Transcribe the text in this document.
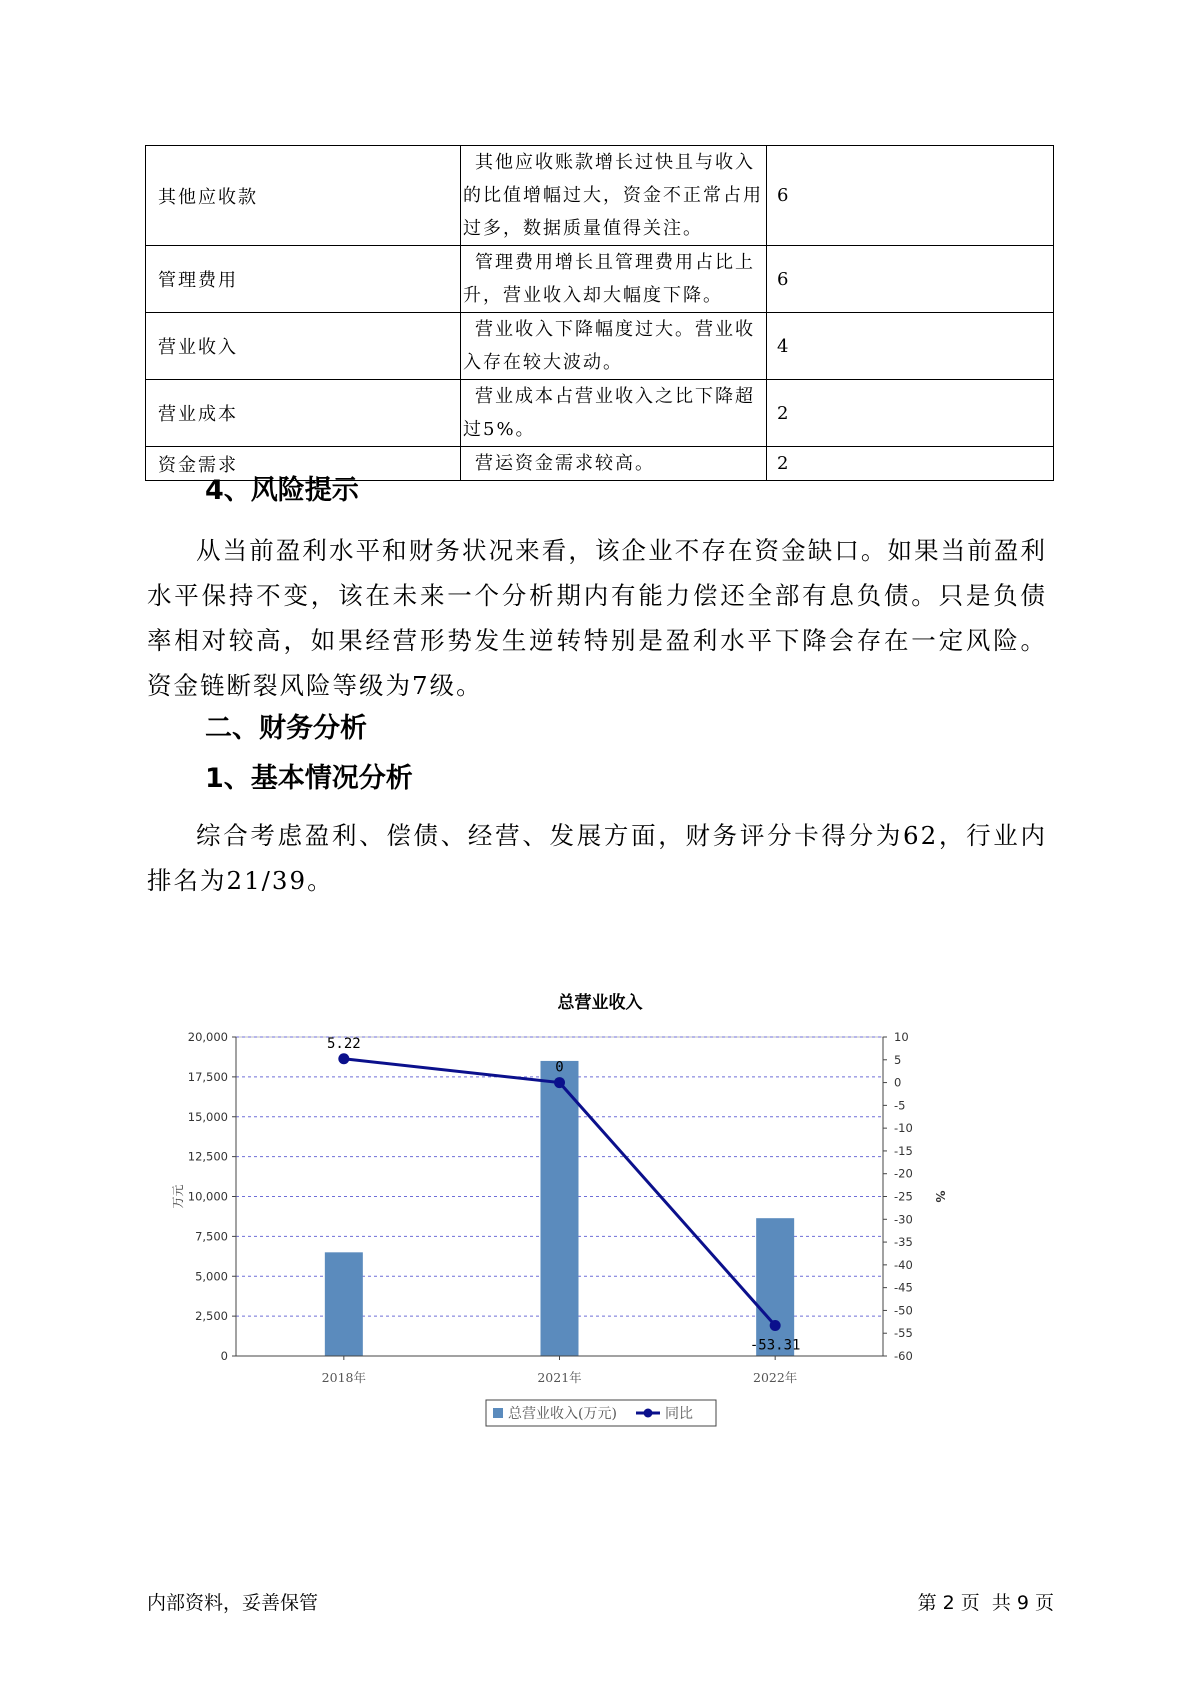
其他应收款	其他应收账款增长过快且与收入的比值增幅过大，资金不正常占用过多，数据质量值得关注。	6
管理费用	管理费用增长且管理费用占比上升，营业收入却大幅度下降。	6
营业收入	营业收入下降幅度过大。营业收入存在较大波动。	4
营业成本	营业成本占营业收入之比下降超过5%。	2
资金需求	营运资金需求较高。	2
4、风险提示

从当前盈利水平和财务状况来看，该企业不存在资金缺口。如果当前盈利水平保持不变，该在未来一个分析期内有能力偿还全部有息负债。只是负债率相对较高，如果经营形势发生逆转特别是盈利水平下降会存在一定风险。资金链断裂风险等级为7级。

二、财务分析
1、基本情况分析

综合考虑盈利、偿债、经营、发展方面，财务评分卡得分为62，行业内排名为21/39。

总营业收入
0
2,500
5,000
7,500
10,000
12,500
15,000
17,500
20,000	10
5
0
-5
-10
-15
-20
-25
-30
-35
-40
-45
-50
-55
-60
万元	%
2018年	2021年	2022年
5.22
0
-53.31
总营业收入(万元)	同比
内部资料，妥善保管	第 2 页  共 9 页
